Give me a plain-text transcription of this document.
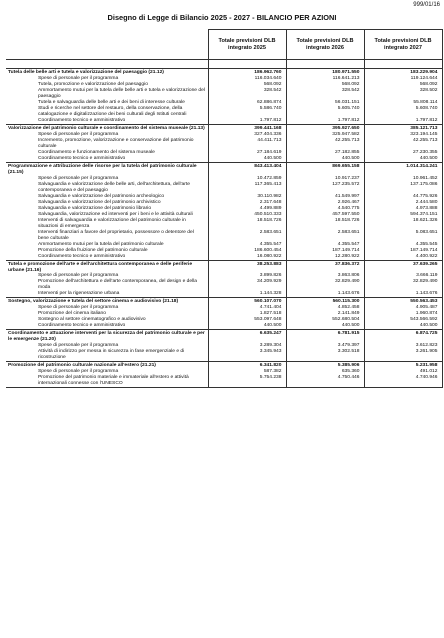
999/01/16
Disegno di Legge di Bilancio 2025 - 2027 - BILANCIO PER AZIONI
	Totale previsioni DLB integrato 2025	Totale previsioni DLB integrato 2026	Totale previsioni DLB integrato 2027

Tutela delle belle arti e tutela e valorizzazione del paesaggio (21.12)	186.962.760	180.971.550	183.229.904
Spese di personale per il programma	116.034.640	116.641.213	119.124.644
Tutela, promozione e valorizzazione del paesaggio	568.092	568.092	568.092
Ammortamento mutui per la tutela delle belle arti e tutela e valorizzazione del paesaggio	328.542	328.542	328.502
Tutela e salvaguardia delle belle arti e dei beni di interesse culturale	62.886.874	56.031.151	55.808.114
Studi e ricerche nel settore del restauro, della conservazione, della catalogazione e digitalizzazione dei beni culturali degli Istituti centrali	5.586.740	5.605.740	5.608.740
Coordinamento tecnico e amministrativo	1.797.812	1.797.812	1.797.812
Valorizzazione del patrimonio culturale e coordinamento del sistema museale (21.13)	399.441.168	395.927.650	385.121.713
Spese di personale per il programma	327.404.336	325.947.582	323.194.145
Incremento, promozione, valorizzazione e conservazione del patrimonio culturale	44.411.713	42.255.713	42.255.713
Coordinamento e funzionamento del sistema museale	27.184.619	27.182.855	27.230.355
Coordinamento tecnico e amministrativo	440.500	440.500	440.500
Programmazione e attribuzione delle risorse per la tutela del patrimonio culturale (21.15)	843.413.404	869.655.158	1.014.314.241
Spese di personale per il programma	10.472.859	10.917.237	10.961.452
Salvaguardia e valorizzazione delle belle arti, dell'architettura, dell'arte contemporanea e del paesaggio	117.365.413	127.235.572	137.175.086
Salvaguardia e valorizzazione del patrimonio archeologico	30.110.982	41.549.997	44.775.926
Salvaguardia e valorizzazione del patrimonio archivistico	2.317.648	2.926.467	2.444.580
Salvaguardia e valorizzazione del patrimonio librario	4.499.889	4.540.775	4.973.888
Salvaguardia, valorizzazione ed interventi per i beni e le attività culturali	450.510.333	457.597.550	594.374.151
Interventi di salvaguardia e valorizzazione del patrimonio culturale in situazioni di emergenza	18.518.726	18.518.726	18.621.326
Interventi finanziari a favore del proprietario, possessore o detentore del bene culturale	2.583.651	2.583.651	5.083.651
Ammortamento mutui per la tutela del patrimonio culturale	4.355.547	4.355.547	4.355.545
Promozione della fruizione del patrimonio culturale	186.600.454	187.149.714	187.149.714
Coordinamento tecnico e amministrativo	16.080.922	12.280.922	4.400.922
Tutela e promozione dell'arte e dell'architettura contemporanea e delle periferie urbane (21.16)	38.253.883	37.836.372	37.639.265
Spese di personale per il programma	3.899.826	3.863.806	3.666.119
Promozione dell'architettura e dell'arte contemporanea, del design e della moda	34.209.929	32.829.490	32.829.490
Interventi per la rigenerazione urbana	1.144.328	1.143.676	1.143.676
Sostegno, valorizzazione e tutela del settore cinema e audiovisivo (21.18)	560.107.070	560.115.300	550.563.453
Spese di personale per il programma	4.741.404	4.852.458	4.905.487
Promozione del cinema italiano	1.827.518	2.141.849	1.960.874
Sostegno al settore cinematografico e audiovisivo	553.097.648	552.680.504	543.566.592
Coordinamento tecnico e amministrativo	440.500	440.500	440.500
Coordinamento e attuazione interventi per la sicurezza del patrimonio culturale e per le emergenze (21.20)	6.635.247	6.781.915	6.874.725
Spese di personale per il programma	3.289.304	3.479.397	3.612.823
Attività di indirizzo per messa in sicurezza in fase emergenziale e di ricostruzione	3.345.943	3.302.518	3.261.905
Promozione del patrimonio culturale nazionale all'estero (21.21)	6.341.820	5.385.906	5.231.958
Spese di personale per il programma	587.382	635.360	491.012
Promozione del patrimonio materiale e immateriale all'estero e attività internazionali connesse con l'UNESCO	5.754.238	4.750.446	4.740.946
